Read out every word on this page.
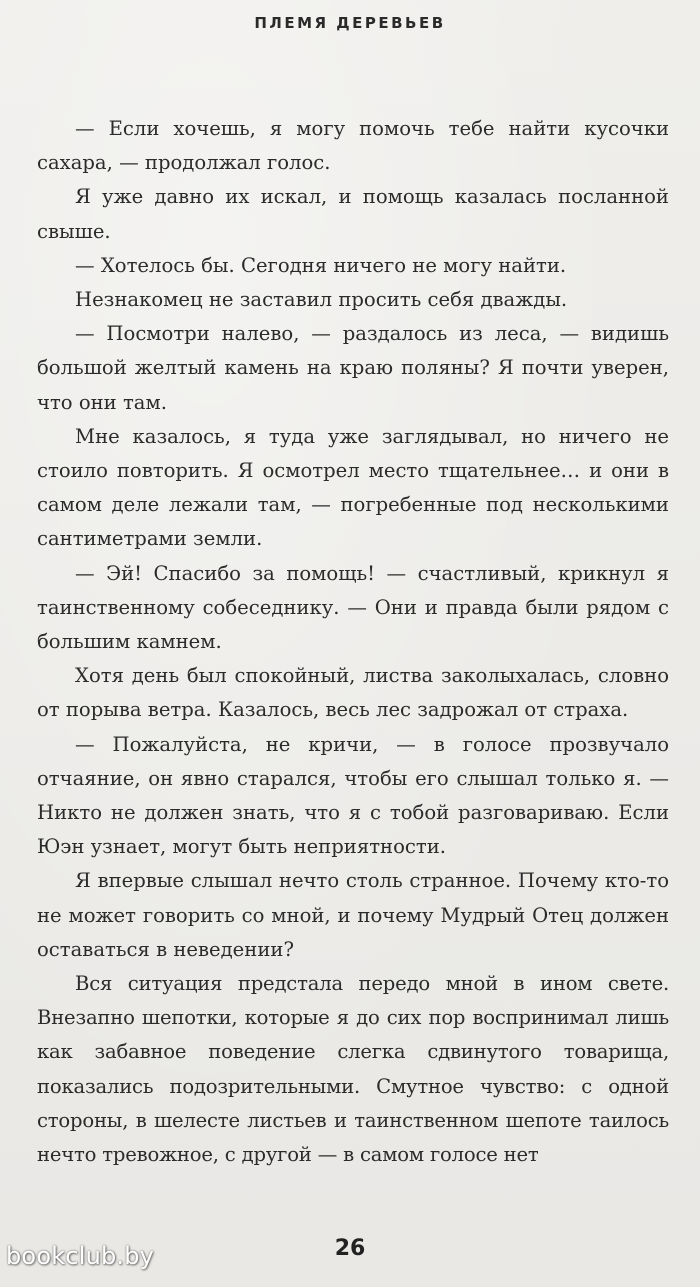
ПЛЕМЯ ДЕРЕВЬЕВ

— Если хочешь, я могу помочь тебе найти кусочки сахара, — продолжал голос.

Я уже давно их искал, и помощь казалась посланной свыше.

— Хотелось бы. Сегодня ничего не могу найти.

Незнакомец не заставил просить себя дважды.

— Посмотри налево, — раздалось из леса, — видишь большой желтый камень на краю поляны? Я почти уверен, что они там.

Мне казалось, я туда уже заглядывал, но ничего не стоило повторить. Я осмотрел место тщательнее… и они в самом деле лежали там, — погребенные под несколькими сантиметрами земли.

— Эй! Спасибо за помощь! — счастливый, крикнул я таинственному собеседнику. — Они и правда были рядом с большим камнем.

Хотя день был спокойный, листва заколыхалась, словно от порыва ветра. Казалось, весь лес задрожал от страха.

— Пожалуйста, не кричи, — в голосе прозвучало отчаяние, он явно старался, чтобы его слышал только я. — Никто не должен знать, что я с тобой разговариваю. Если Юэн узнает, могут быть неприятности.

Я впервые слышал нечто столь странное. Почему кто-то не может говорить со мной, и почему Мудрый Отец должен оставаться в неведении?

Вся ситуация предстала передо мной в ином свете. Внезапно шепотки, которые я до сих пор воспринимал лишь как забавное поведение слегка сдвинутого товарища, показались подозрительными. Смутное чувство: с одной стороны, в шелесте листьев и таинственном шепоте таилось нечто тревожное, с другой — в самом голосе нет

26
bookclub.by
